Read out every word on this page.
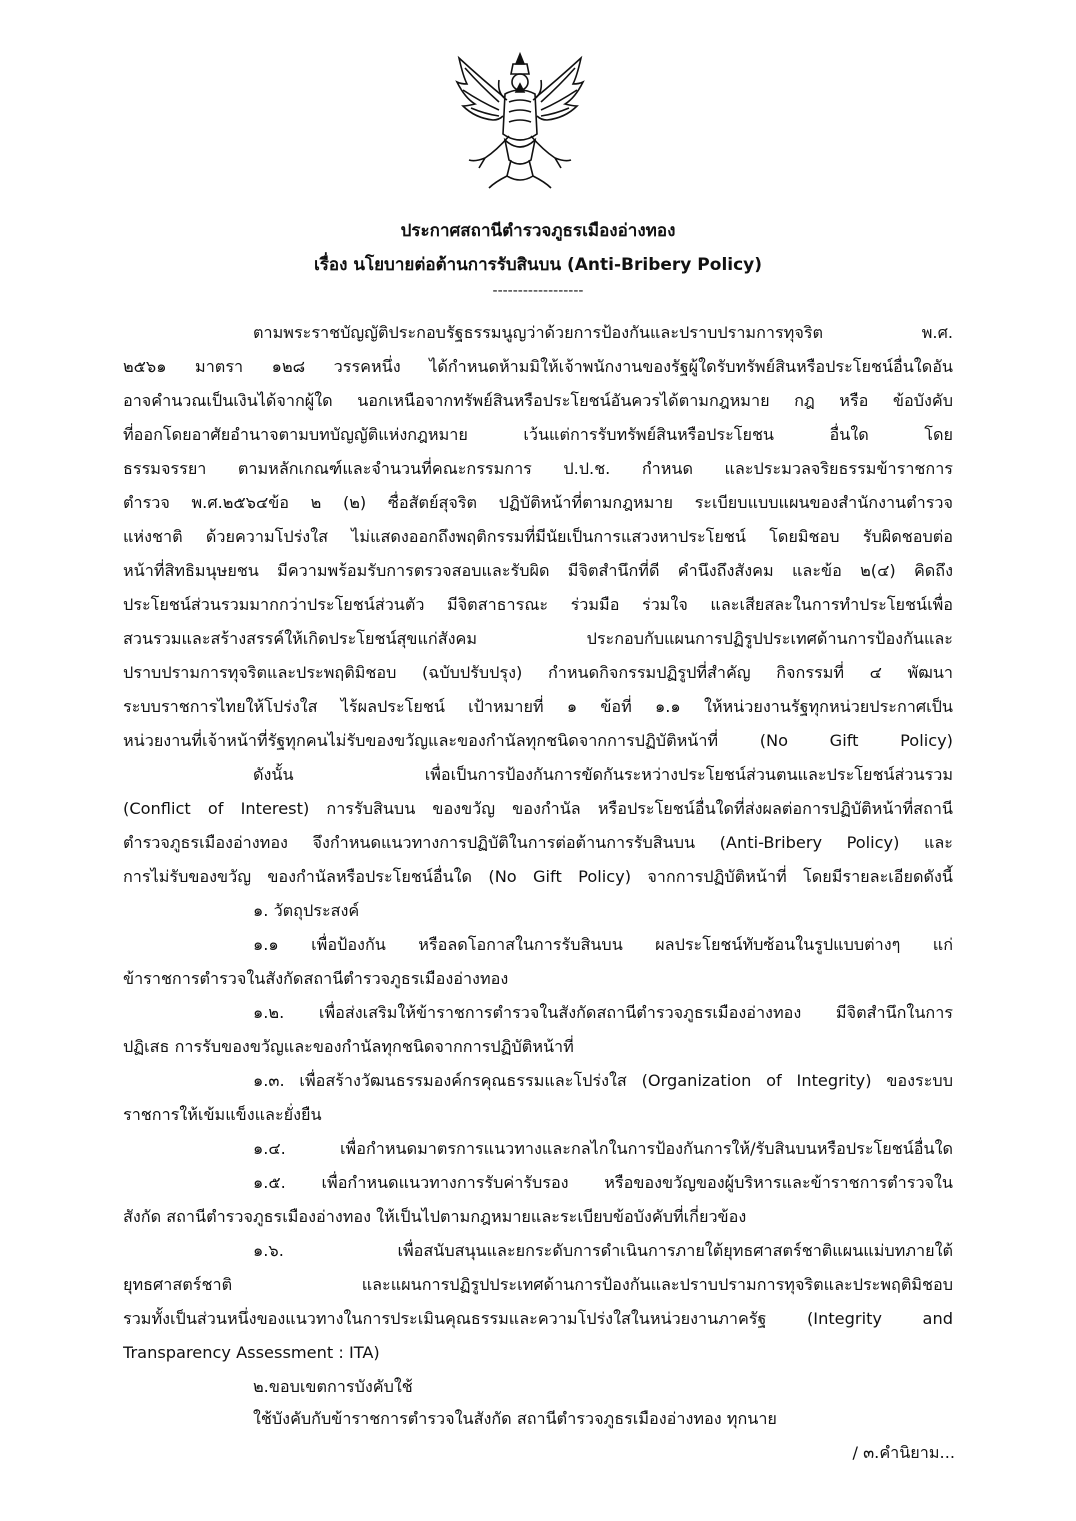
ประกาศสถานีตำรวจภูธรเมืองอ่างทอง
เรื่อง นโยบายต่อต้านการรับสินบน (Anti-Bribery Policy)
------------------
ตามพระราชบัญญัติประกอบรัฐธรรมนูญว่าด้วยการป้องกันและปราบปรามการทุจริต พ.ศ.
๒๕๖๑ มาตรา ๑๒๘ วรรคหนึ่ง ได้กำหนดห้ามมิให้เจ้าพนักงานของรัฐผู้ใดรับทรัพย์สินหรือประโยชน์อื่นใดอัน
อาจคำนวณเป็นเงินได้จากผู้ใด นอกเหนือจากทรัพย์สินหรือประโยชน์อันควรได้ตามกฎหมาย กฎ หรือ ข้อบังคับ
ที่ออกโดยอาศัยอำนาจตามบทบัญญัติแห่งกฎหมาย เว้นแต่การรับทรัพย์สินหรือประโยชน อื่นใด โดย
ธรรมจรรยา ตามหลักเกณฑ์และจำนวนที่คณะกรรมการ ป.ป.ช. กำหนด และประมวลจริยธรรมข้าราชการ
ตำรวจ พ.ศ.๒๕๖๔ข้อ ๒ (๒) ซื่อสัตย์สุจริต ปฏิบัติหน้าที่ตามกฎหมาย ระเบียบแบบแผนของสำนักงานตำรวจ
แห่งชาติ ด้วยความโปร่งใส ไม่แสดงออกถึงพฤติกรรมที่มีนัยเป็นการแสวงหาประโยชน์ โดยมิชอบ รับผิดชอบต่อ
หน้าที่สิทธิมนุษยชน มีความพร้อมรับการตรวจสอบและรับผิด มีจิตสำนึกที่ดี คำนึงถึงสังคม และข้อ ๒(๔) คิดถึง
ประโยชน์ส่วนรวมมากกว่าประโยชน์ส่วนตัว มีจิตสาธารณะ ร่วมมือ ร่วมใจ และเสียสละในการทำประโยชน์เพื่อ
สวนรวมและสร้างสรรค์ให้เกิดประโยชน์สุขแก่สังคม ประกอบกับแผนการปฏิรูปประเทศด้านการป้องกันและ
ปราบปรามการทุจริตและประพฤติมิชอบ (ฉบับปรับปรุง) กำหนดกิจกรรมปฏิรูปที่สำคัญ กิจกรรมที่ ๔ พัฒนา
ระบบราชการไทยให้โปร่งใส ไร้ผลประโยชน์ เป้าหมายที่ ๑ ข้อที่ ๑.๑ ให้หน่วยงานรัฐทุกหน่วยประกาศเป็น
หน่วยงานที่เจ้าหน้าที่รัฐทุกคนไม่รับของขวัญและของกำนัลทุกชนิดจากการปฏิบัติหน้าที่ (No Gift Policy)
ดังนั้น เพื่อเป็นการป้องกันการขัดกันระหว่างประโยชน์ส่วนตนและประโยชน์ส่วนรวม
(Conflict of Interest) การรับสินบน ของขวัญ ของกำนัล หรือประโยชน์อื่นใดที่ส่งผลต่อการปฏิบัติหน้าที่สถานี
ตำรวจภูธรเมืองอ่างทอง จึงกำหนดแนวทางการปฏิบัติในการต่อต้านการรับสินบน (Anti-Bribery Policy) และ
การไม่รับของขวัญ ของกำนัลหรือประโยชน์อื่นใด (No Gift Policy) จากการปฏิบัติหน้าที่ โดยมีรายละเอียดดังนี้
๑. วัตถุประสงค์
๑.๑ เพื่อป้องกัน หรือลดโอกาสในการรับสินบน ผลประโยชน์ทับซ้อนในรูปแบบต่างๆ แก่
ข้าราชการตำรวจในสังกัดสถานีตำรวจภูธรเมืองอ่างทอง
๑.๒. เพื่อส่งเสริมให้ข้าราชการตำรวจในสังกัดสถานีตำรวจภูธรเมืองอ่างทอง มีจิตสำนึกในการ
ปฏิเสธ การรับของขวัญและของกำนัลทุกชนิดจากการปฏิบัติหน้าที่
๑.๓. เพื่อสร้างวัฒนธรรมองค์กรคุณธรรมและโปร่งใส (Organization of Integrity) ของระบบ
ราชการให้เข้มแข็งและยั่งยืน
๑.๔. เพื่อกำหนดมาตรการแนวทางและกลไกในการป้องกันการให้/รับสินบนหรือประโยชน์อื่นใด
๑.๕. เพื่อกำหนดแนวทางการรับค่ารับรอง หรือของขวัญของผู้บริหารและข้าราชการตำรวจใน
สังกัด สถานีตำรวจภูธรเมืองอ่างทอง ให้เป็นไปตามกฎหมายและระเบียบข้อบังคับที่เกี่ยวข้อง
๑.๖. เพื่อสนับสนุนและยกระดับการดำเนินการภายใต้ยุทธศาสตร์ชาติแผนแม่บทภายใต้
ยุทธศาสตร์ชาติ และแผนการปฏิรูปประเทศด้านการป้องกันและปราบปรามการทุจริตและประพฤติมิชอบ
รวมทั้งเป็นส่วนหนึ่งของแนวทางในการประเมินคุณธรรมและความโปร่งใสในหน่วยงานภาครัฐ (Integrity and
Transparency Assessment : ITA)
๒.ขอบเขตการบังคับใช้
ใช้บังคับกับข้าราชการตำรวจในสังกัด สถานีตำรวจภูธรเมืองอ่างทอง ทุกนาย
/ ๓.คำนิยาม...
